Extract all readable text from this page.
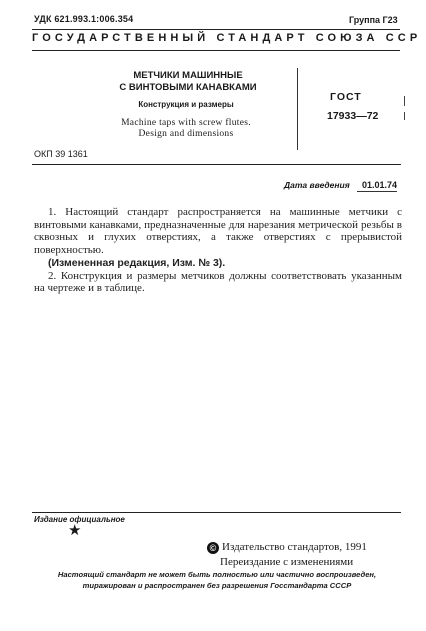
УДК 621.993.1:006.354	Группа Г23
ГОСУДАРСТВЕННЫЙ СТАНДАРТ СОЮЗА ССР
МЕТЧИКИ МАШИННЫЕ
С ВИНТОВЫМИ КАНАВКАМИ
Конструкция и размеры
Machine taps with screw flutes.
Design and dimensions
ГОСТ
17933—72
ОКП 39 1361
Дата введения 01.01.74

1. Настоящий стандарт распространяется на машинные метчики с винтовыми канавками, предназначенные для нарезания метрической резьбы в сквозных и глухих отверстиях, а также отверстиях с прерывистой поверхностью.

(Измененная редакция, Изм. № 3).

2. Конструкция и размеры метчиков должны соответствовать указанным на чертеже и в таблице.

Издание официальное
★
© Издательство стандартов, 1991
Переиздание с изменениями
Настоящий стандарт не может быть полностью или частично воспроизведен,
тиражирован и распространен без разрешения Госстандарта СССР
